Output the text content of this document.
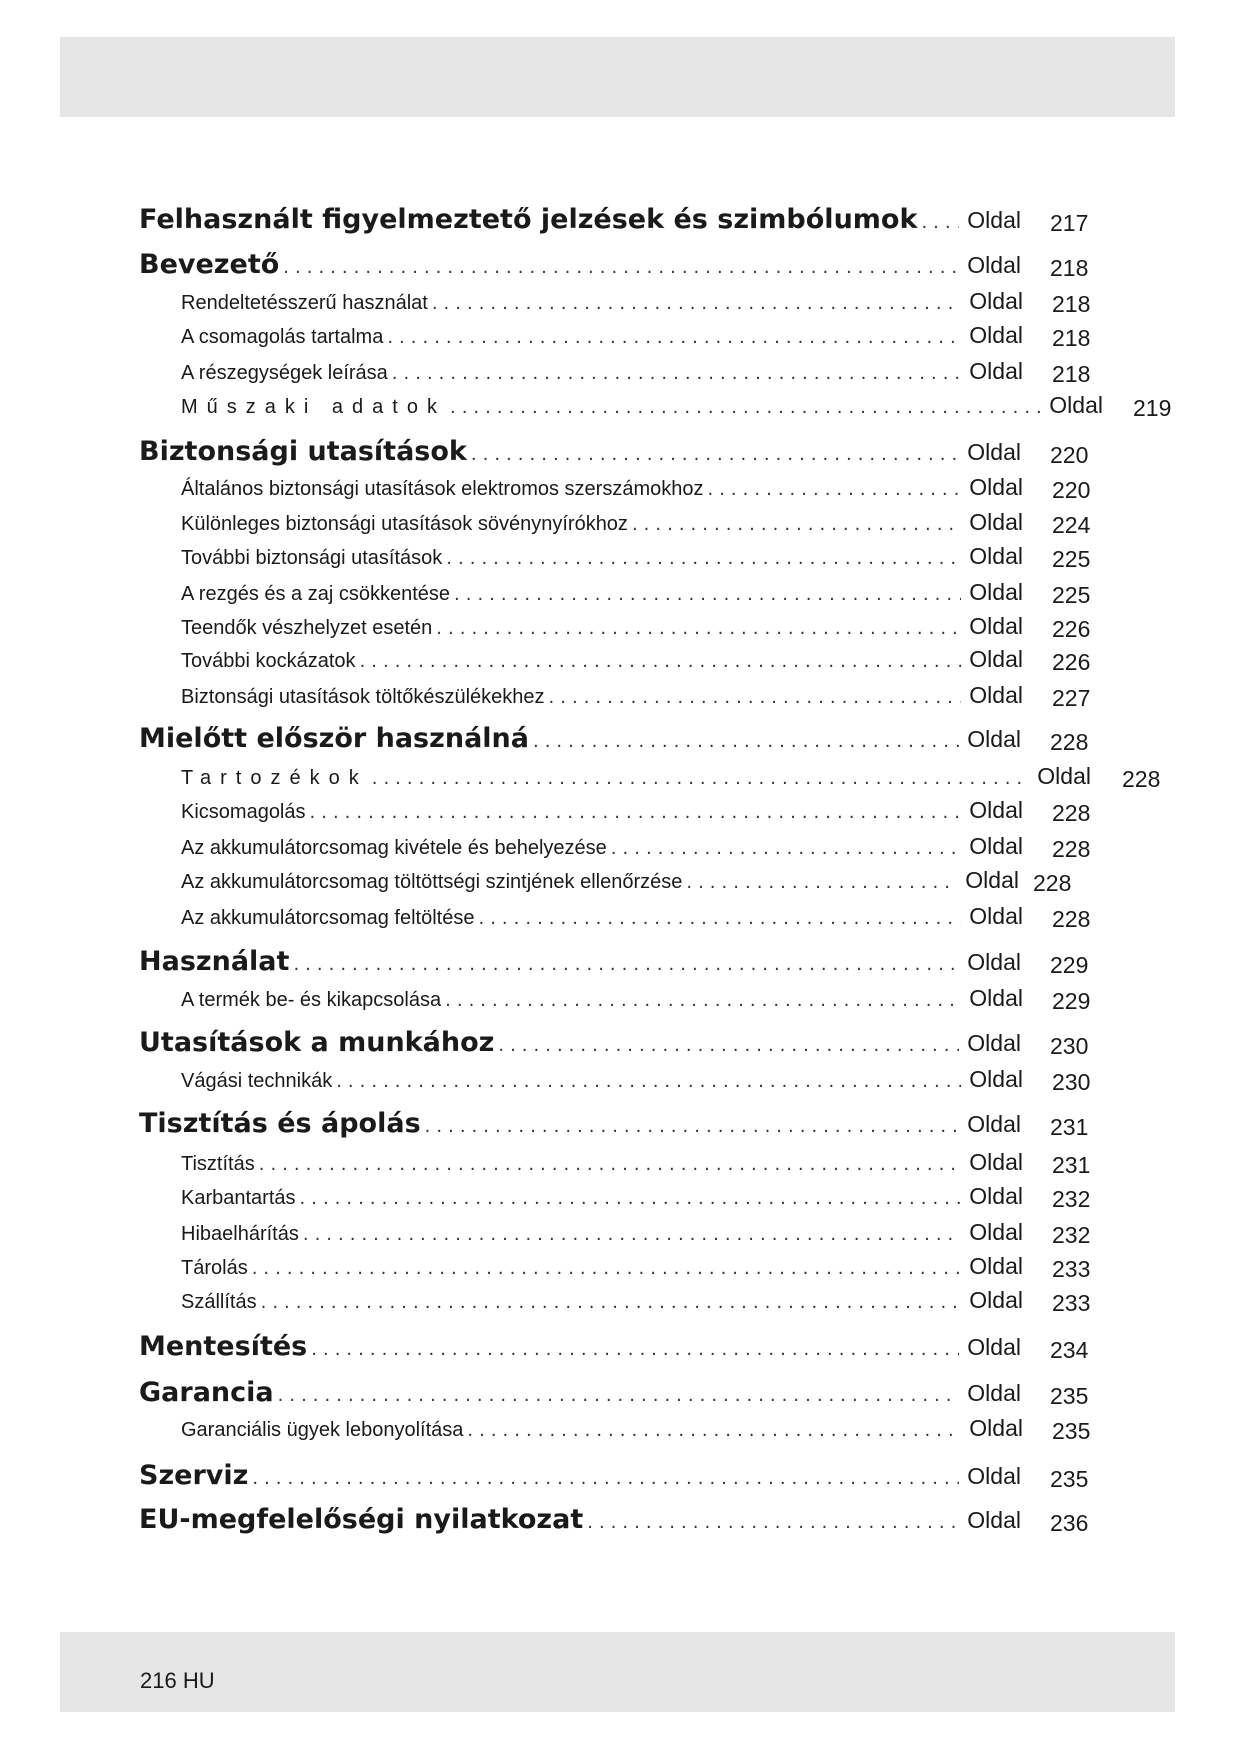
Felhasznált figyelmeztető jelzések és szimbólumok ..... Oldal 217
Bevezető .....	Oldal 218
Rendeltetésszerű használat .....	Oldal 218
A csomagolás tartalma .....	Oldal 218
A részegységek leírása .....	Oldal 218
Műszaki adatok .....	Oldal 219
Biztonsági utasítások .....	Oldal 220
Általános biztonsági utasítások elektromos szerszámokhoz .....	Oldal 220
Különleges biztonsági utasítások sövénynyírókhoz .....	Oldal 224
További biztonsági utasítások .....	Oldal 225
A rezgés és a zaj csökkentése .....	Oldal 225
Teendők vészhelyzet esetén .....	Oldal 226
További kockázatok .....	Oldal 226
Biztonsági utasítások töltőkészülékekhez .....	Oldal 227
Mielőtt először használná .....	Oldal 228
Tartozékok .....	Oldal 228
Kicsomagolás .....	Oldal 228
Az akkumulátorcsomag kivétele és behelyezése .....	Oldal 228
Az akkumulátorcsomag töltöttségi szintjének ellenőrzése .....	Oldal 228
Az akkumulátorcsomag feltöltése .....	Oldal 228
Használat .....	Oldal 229
A termék be- és kikapcsolása .....	Oldal 229
Utasítások a munkához .....	Oldal 230
Vágási technikák .....	Oldal 230
Tisztítás és ápolás .....	Oldal 231
Tisztítás .....	Oldal 231
Karbantartás .....	Oldal 232
Hibaelhárítás .....	Oldal 232
Tárolás .....	Oldal 233
Szállítás .....	Oldal 233
Mentesítés .....	Oldal 234
Garancia .....	Oldal 235
Garanciális ügyek lebonyolítása .....	Oldal 235
Szerviz .....	Oldal 235
EU-megfelelőségi nyilatkozat .....	Oldal 236
216 HU
